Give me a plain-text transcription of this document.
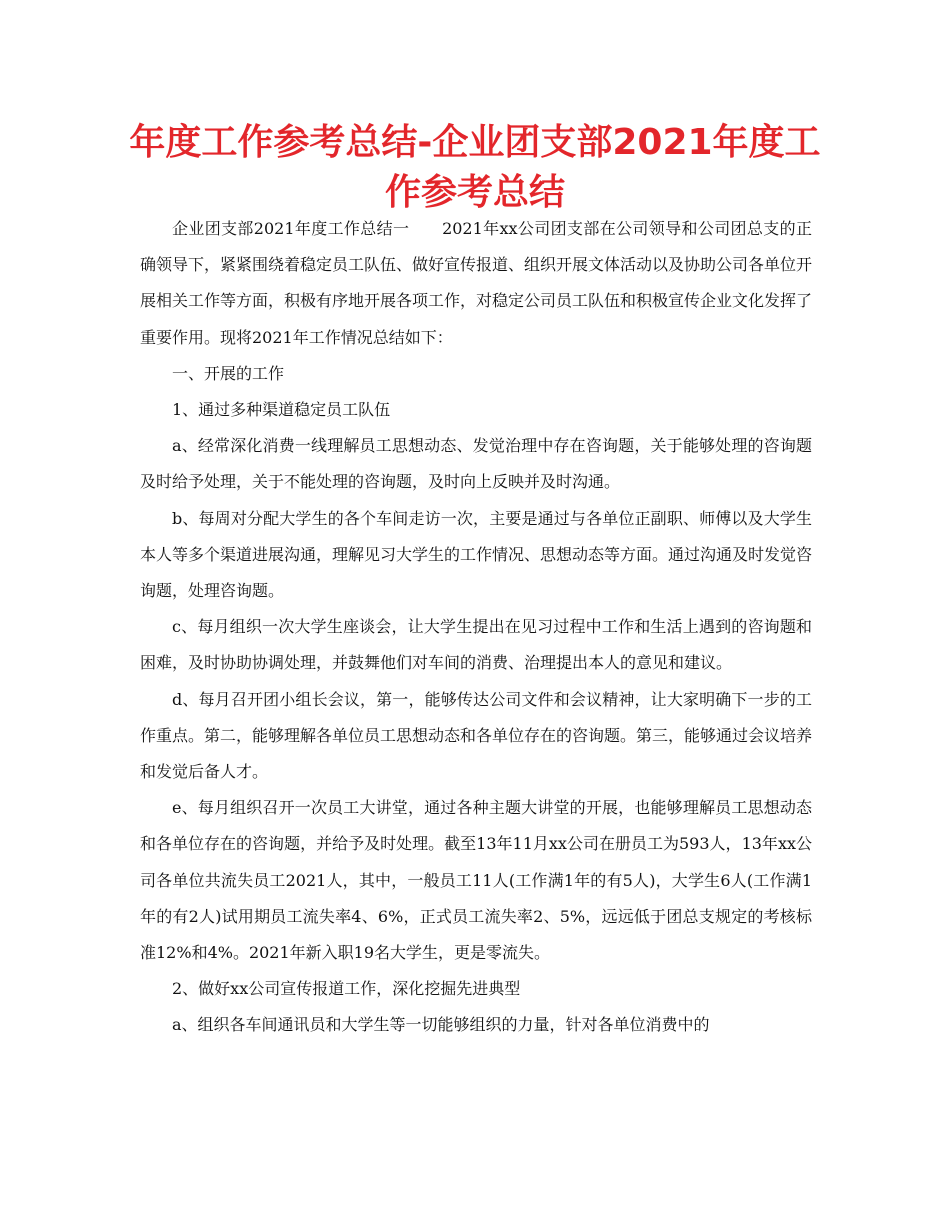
年度工作参考总结-企业团支部2021年度工作参考总结

企业团支部2021年度工作总结一　　2021年xx公司团支部在公司领导和公司团总支的正确领导下，紧紧围绕着稳定员工队伍、做好宣传报道、组织开展文体活动以及协助公司各单位开展相关工作等方面，积极有序地开展各项工作，对稳定公司员工队伍和积极宣传企业文化发挥了重要作用。现将2021年工作情况总结如下：

一、开展的工作

1、通过多种渠道稳定员工队伍

a、经常深化消费一线理解员工思想动态、发觉治理中存在咨询题，关于能够处理的咨询题及时给予处理，关于不能处理的咨询题，及时向上反映并及时沟通。

b、每周对分配大学生的各个车间走访一次，主要是通过与各单位正副职、师傅以及大学生本人等多个渠道进展沟通，理解见习大学生的工作情况、思想动态等方面。通过沟通及时发觉咨询题，处理咨询题。

c、每月组织一次大学生座谈会，让大学生提出在见习过程中工作和生活上遇到的咨询题和困难，及时协助协调处理，并鼓舞他们对车间的消费、治理提出本人的意见和建议。

d、每月召开团小组长会议，第一，能够传达公司文件和会议精神，让大家明确下一步的工作重点。第二，能够理解各单位员工思想动态和各单位存在的咨询题。第三，能够通过会议培养和发觉后备人才。

e、每月组织召开一次员工大讲堂，通过各种主题大讲堂的开展，也能够理解员工思想动态和各单位存在的咨询题，并给予及时处理。截至13年11月xx公司在册员工为593人，13年xx公司各单位共流失员工2021人，其中，一般员工11人(工作满1年的有5人)，大学生6人(工作满1年的有2人)试用期员工流失率4、6%，正式员工流失率2、5%，远远低于团总支规定的考核标准12%和4%。2021年新入职19名大学生，更是零流失。

2、做好xx公司宣传报道工作，深化挖掘先进典型

a、组织各车间通讯员和大学生等一切能够组织的力量，针对各单位消费中的
